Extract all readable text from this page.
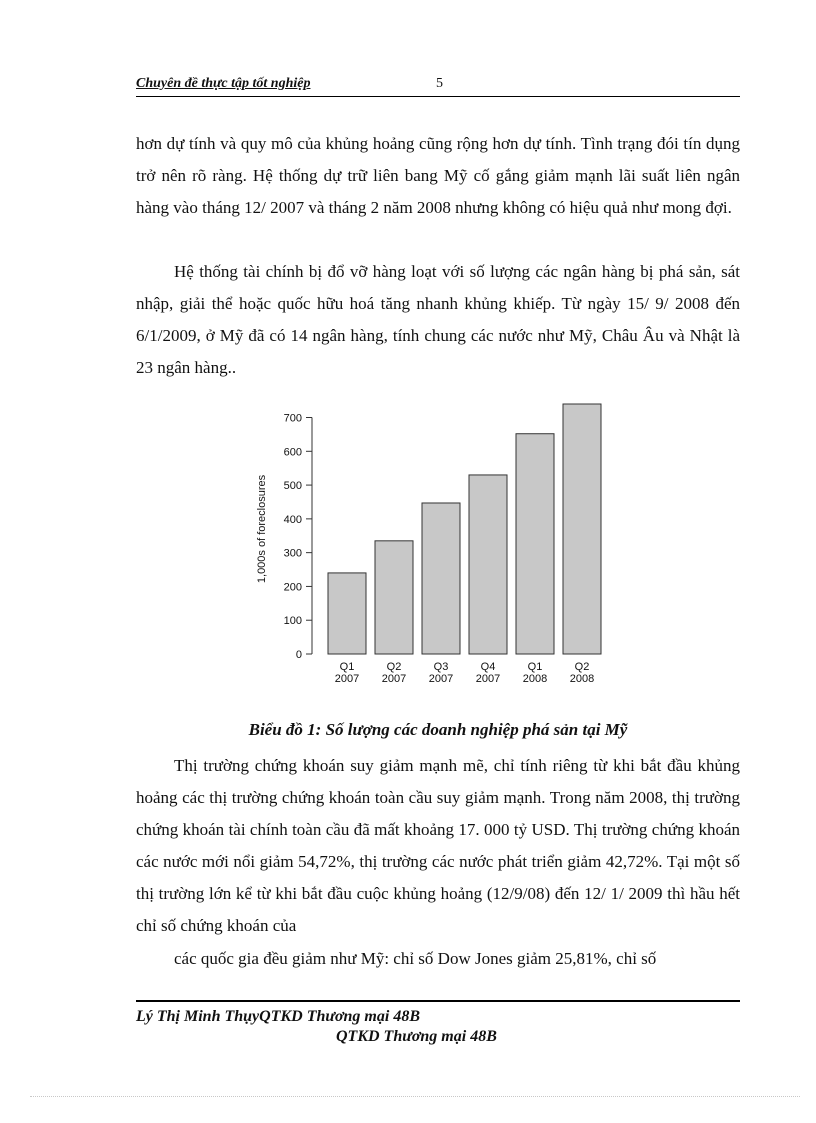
Chuyên đề thực tập tốt nghiệp	5

hơn dự tính và quy mô của khủng hoảng cũng rộng hơn dự tính. Tình trạng đói tín dụng trở nên rõ ràng. Hệ thống dự trữ liên bang Mỹ cố gắng giảm mạnh lãi suất liên ngân hàng vào tháng 12/ 2007 và tháng 2 năm 2008 nhưng không có hiệu quả như mong đợi.

Hệ thống tài chính bị đổ vỡ hàng loạt với số lượng các ngân hàng bị phá sản, sát nhập, giải thể hoặc quốc hữu hoá tăng nhanh khủng khiếp. Từ ngày 15/ 9/ 2008 đến 6/1/2009, ở Mỹ đã có 14 ngân hàng, tính chung các nước như Mỹ, Châu Âu và Nhật là 23 ngân hàng..

0
100
200
300
400
500
600
700
1,000s of foreclosures
Q1
2007
Q2
2007
Q3
2007
Q4
2007
Q1
2008
Q2
2008
Biểu đồ 1: Số lượng các doanh nghiệp phá sản tại Mỹ

Thị trường chứng khoán suy giảm mạnh mẽ, chỉ tính riêng từ khi bắt đầu khủng hoảng các thị trường chứng khoán toàn cầu suy giảm mạnh. Trong năm 2008, thị trường chứng khoán tài chính toàn cầu đã mất khoảng 17. 000 tỷ USD. Thị trường chứng khoán các nước mới nổi giảm 54,72%, thị trường các nước phát triển giảm 42,72%. Tại một số thị trường lớn kể từ khi bắt đầu cuộc khủng hoảng (12/9/08) đến 12/ 1/ 2009 thì hầu hết chỉ số chứng khoán của

các quốc gia đều giảm như Mỹ: chỉ số Dow Jones giảm 25,81%, chỉ số

Lý Thị Minh ThụyQTKD Thương mại 48B
QTKD Thương mại 48B
